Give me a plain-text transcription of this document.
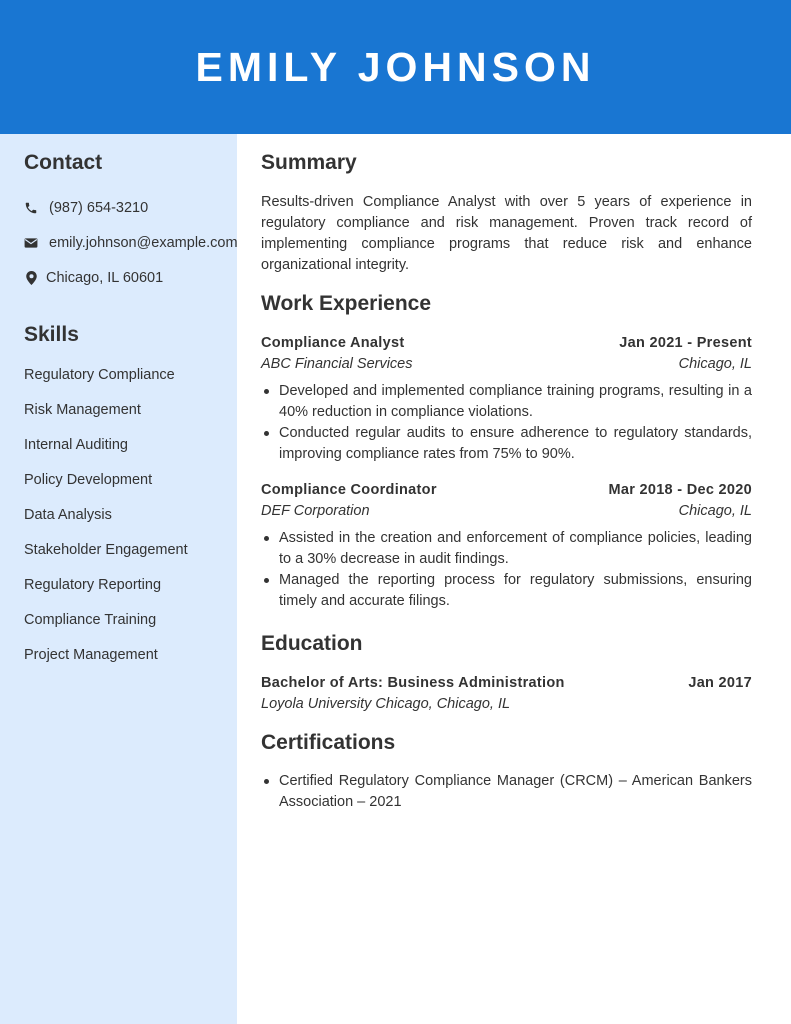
EMILY JOHNSON
Contact
(987) 654-3210
emily.johnson@example.com
Chicago, IL 60601
Skills
Regulatory Compliance
Risk Management
Internal Auditing
Policy Development
Data Analysis
Stakeholder Engagement
Regulatory Reporting
Compliance Training
Project Management
Summary
Results-driven Compliance Analyst with over 5 years of experience in regulatory compliance and risk management. Proven track record of implementing compliance programs that reduce risk and enhance organizational integrity.
Work Experience
Compliance Analyst	Jan 2021 - Present
ABC Financial Services	Chicago, IL
Developed and implemented compliance training programs, resulting in a 40% reduction in compliance violations.
Conducted regular audits to ensure adherence to regulatory standards, improving compliance rates from 75% to 90%.
Compliance Coordinator	Mar 2018 - Dec 2020
DEF Corporation	Chicago, IL
Assisted in the creation and enforcement of compliance policies, leading to a 30% decrease in audit findings.
Managed the reporting process for regulatory submissions, ensuring timely and accurate filings.
Education
Bachelor of Arts: Business Administration	Jan 2017
Loyola University Chicago, Chicago, IL
Certifications
Certified Regulatory Compliance Manager (CRCM) – American Bankers Association – 2021
